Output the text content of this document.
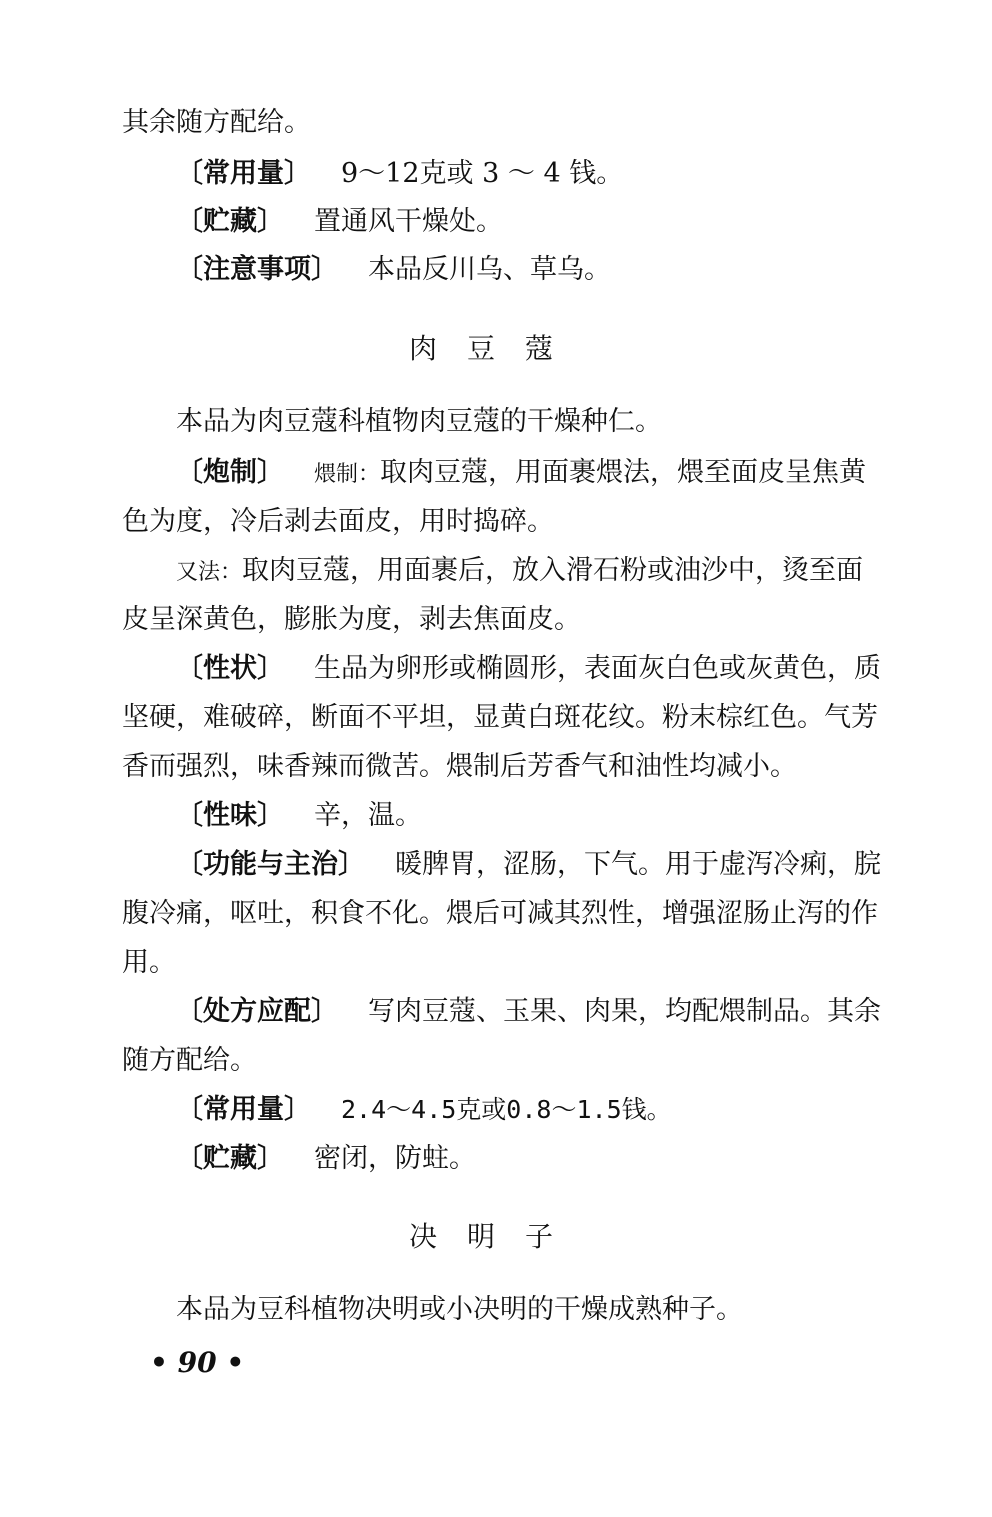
其余随方配给。
〔常用量〕 9～12克或 3 ～ 4 钱。
〔贮藏〕 置通风干燥处。
〔注意事项〕 本品反川乌、草乌。
肉豆蔻
本品为肉豆蔻科植物肉豆蔻的干燥种仁。
〔炮制〕 煨制：取肉豆蔻，用面裹煨法，煨至面皮呈焦黄
色为度，冷后剥去面皮，用时捣碎。
又法：取肉豆蔻，用面裹后，放入滑石粉或油沙中，烫至面
皮呈深黄色，膨胀为度，剥去焦面皮。
〔性状〕 生品为卵形或椭圆形，表面灰白色或灰黄色，质
坚硬，难破碎，断面不平坦，显黄白斑花纹。粉末棕红色。气芳
香而强烈，味香辣而微苦。煨制后芳香气和油性均减小。
〔性味〕 辛，温。
〔功能与主治〕 暖脾胃，涩肠，下气。用于虚泻冷痢，脘
腹冷痛，呕吐，积食不化。煨后可减其烈性，增强涩肠止泻的作
用。
〔处方应配〕 写肉豆蔻、玉果、肉果，均配煨制品。其余
随方配给。
〔常用量〕 2.4～4.5克或0.8～1.5钱。
〔贮藏〕 密闭，防蛀。
决明子
本品为豆科植物决明或小决明的干燥成熟种子。
• 90 •
